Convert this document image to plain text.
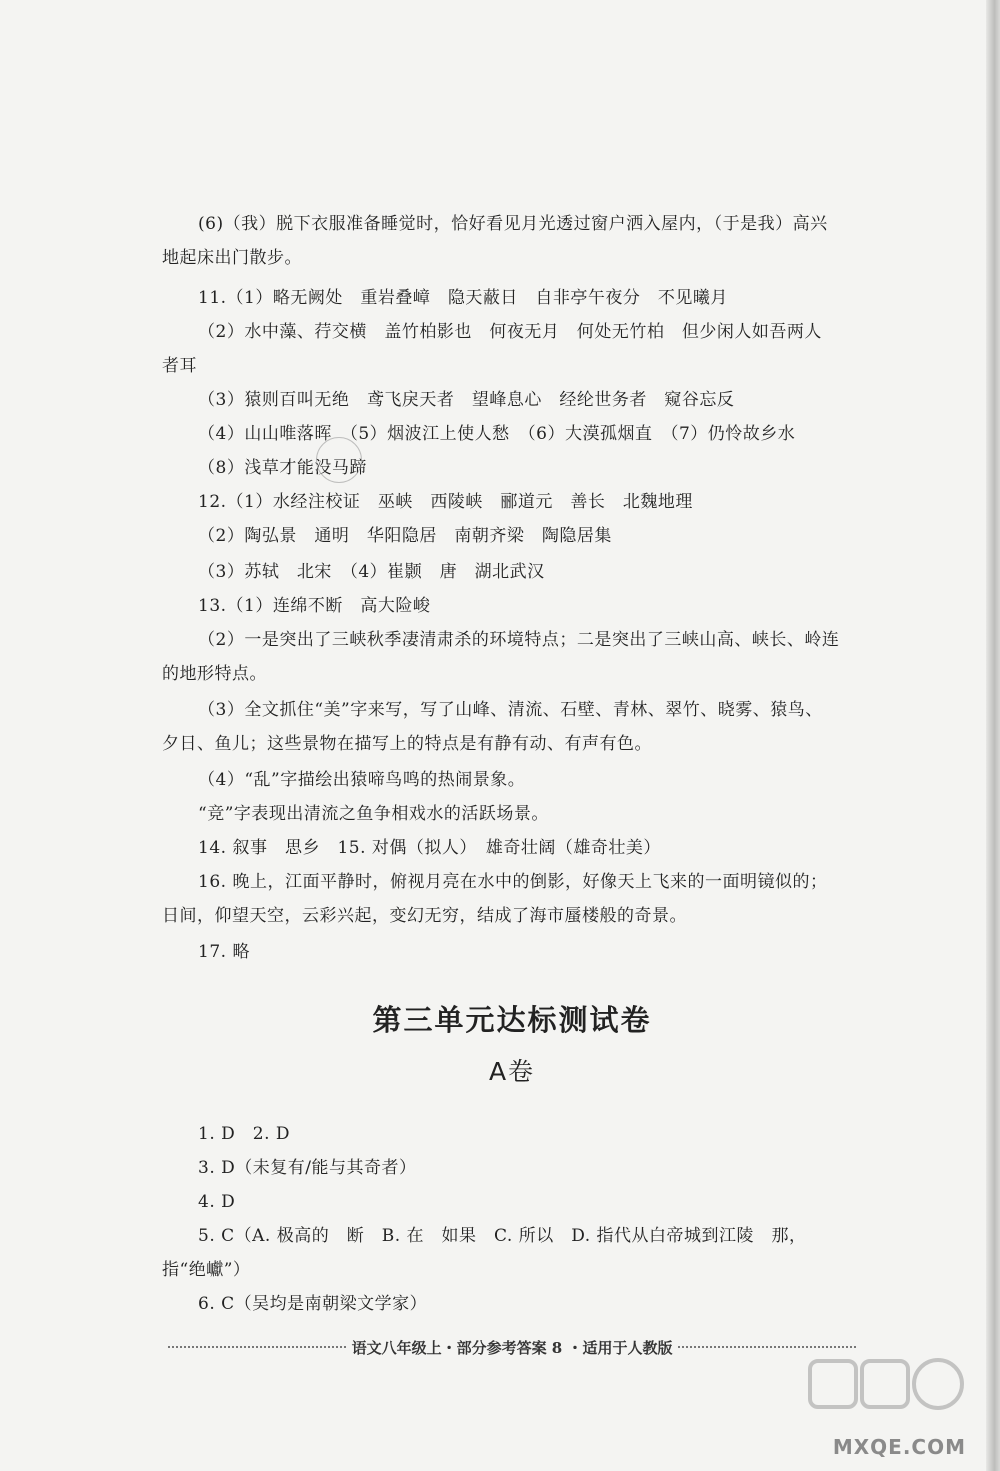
(6)（我）脱下衣服准备睡觉时，恰好看见月光透过窗户洒入屋内，（于是我）高兴
地起床出门散步。
11.（1）略无阙处　重岩叠嶂　隐天蔽日　自非亭午夜分　不见曦月
（2）水中藻、荇交横　盖竹柏影也　何夜无月　何处无竹柏　但少闲人如吾两人
者耳
（3）猿则百叫无绝　鸢飞戾天者　望峰息心　经纶世务者　窥谷忘反
（4）山山唯落晖　（5）烟波江上使人愁　（6）大漠孤烟直　（7）仍怜故乡水
（8）浅草才能没马蹄
12.（1）水经注校证　巫峡　西陵峡　郦道元　善长　北魏地理
（2）陶弘景　通明　华阳隐居　南朝齐梁　陶隐居集
（3）苏轼　北宋　（4）崔颢　唐　湖北武汉
13.（1）连绵不断　高大险峻
（2）一是突出了三峡秋季凄清肃杀的环境特点；二是突出了三峡山高、峡长、岭连
的地形特点。
（3）全文抓住“美”字来写，写了山峰、清流、石壁、青林、翠竹、晓雾、猿鸟、
夕日、鱼儿；这些景物在描写上的特点是有静有动、有声有色。
（4）“乱”字描绘出猿啼鸟鸣的热闹景象。
“竞”字表现出清流之鱼争相戏水的活跃场景。
14. 叙事　思乡　15. 对偶（拟人）　雄奇壮阔（雄奇壮美）
16. 晚上，江面平静时，俯视月亮在水中的倒影，好像天上飞来的一面明镜似的；
日间，仰望天空，云彩兴起，变幻无穷，结成了海市蜃楼般的奇景。
17. 略
第三单元达标测试卷
A卷
1. D　2. D
3. D（未复有/能与其奇者）
4. D
5. C（A. 极高的　断　B. 在　如果　C. 所以　D. 指代从白帝城到江陵　那，
指“绝巘”）
6. C（吴均是南朝梁文学家）
语文八年级上・部分参考答案 8 ・适用于人教版
MXQE.COM
